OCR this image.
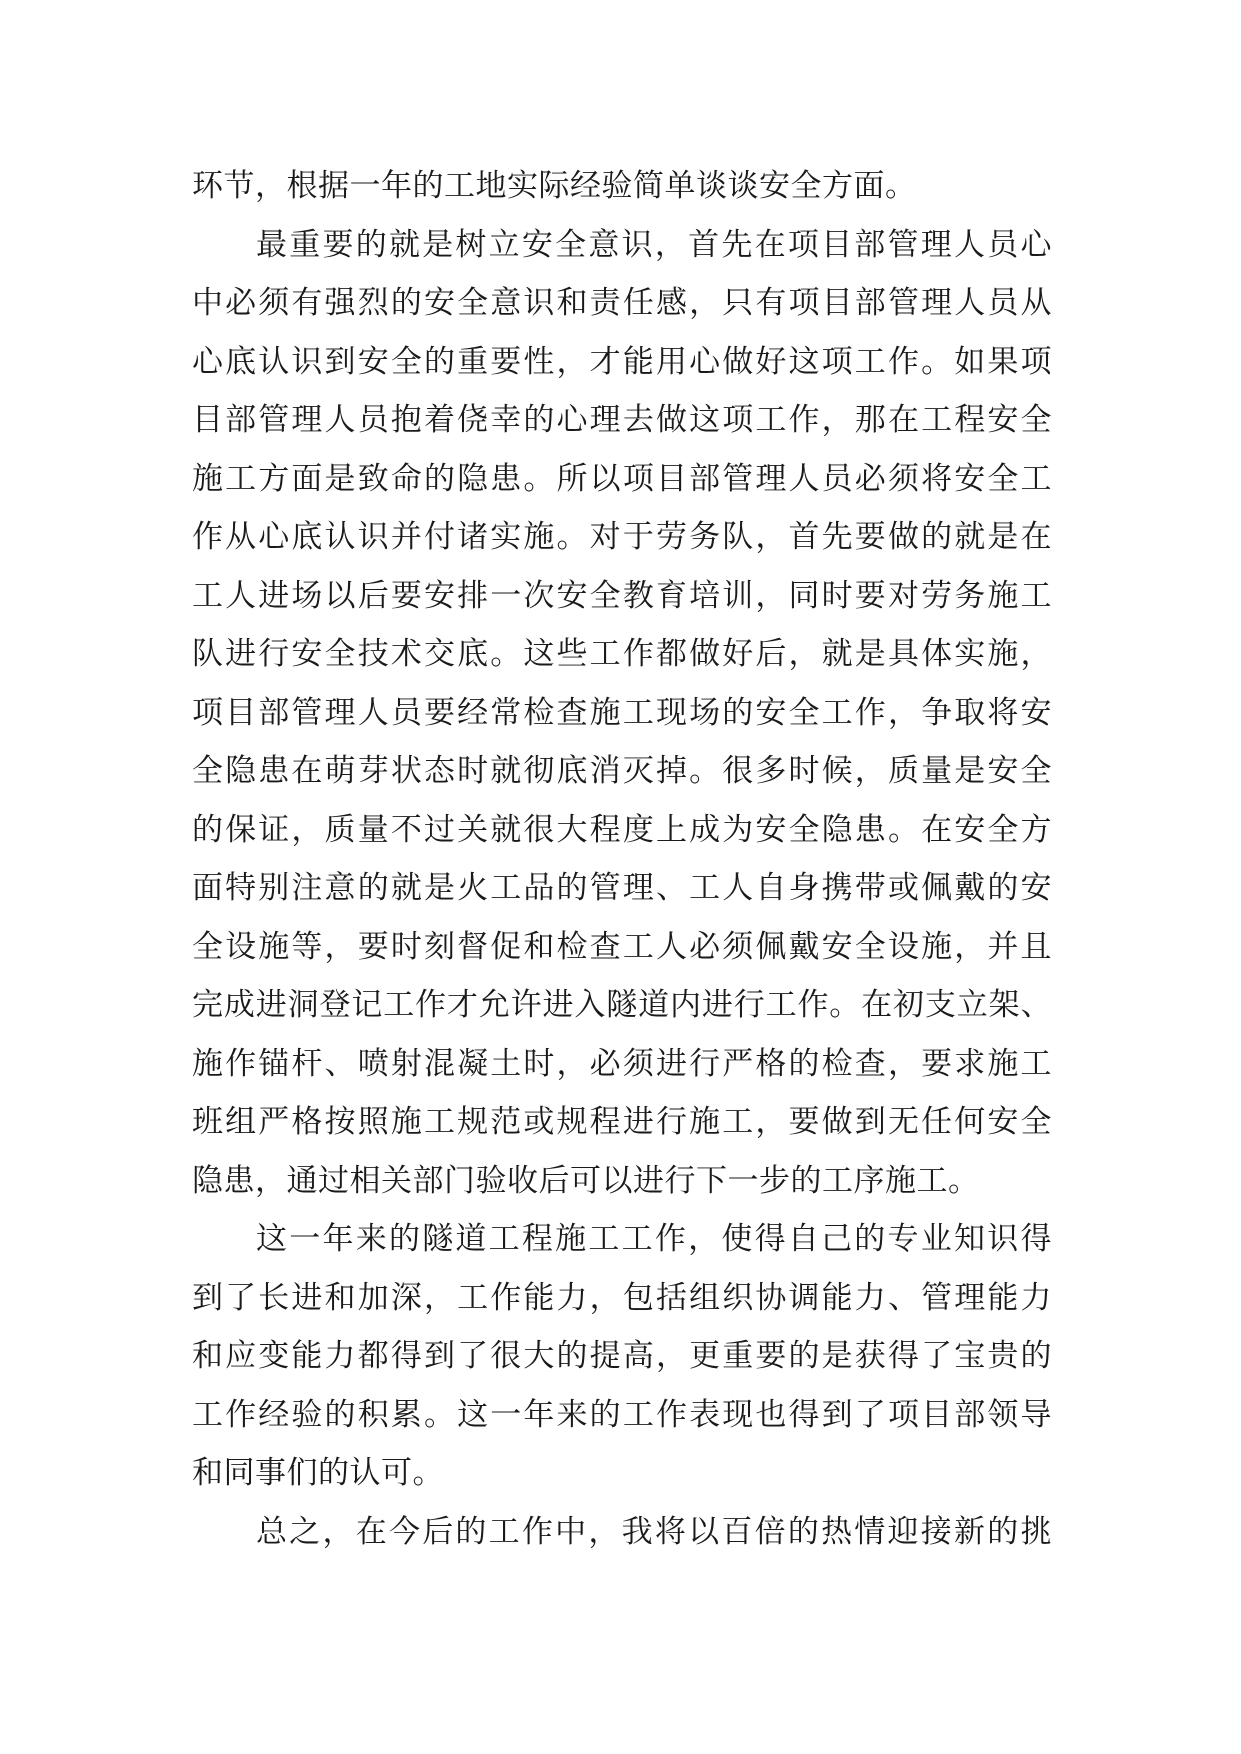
环节，根据一年的工地实际经验简单谈谈安全方面。
最重要的就是树立安全意识，首先在项目部管理人员心
中必须有强烈的安全意识和责任感，只有项目部管理人员从
心底认识到安全的重要性，才能用心做好这项工作。如果项
目部管理人员抱着侥幸的心理去做这项工作，那在工程安全
施工方面是致命的隐患。所以项目部管理人员必须将安全工
作从心底认识并付诸实施。对于劳务队，首先要做的就是在
工人进场以后要安排一次安全教育培训，同时要对劳务施工
队进行安全技术交底。这些工作都做好后，就是具体实施，
项目部管理人员要经常检查施工现场的安全工作，争取将安
全隐患在萌芽状态时就彻底消灭掉。很多时候，质量是安全
的保证，质量不过关就很大程度上成为安全隐患。在安全方
面特别注意的就是火工品的管理、工人自身携带或佩戴的安
全设施等，要时刻督促和检查工人必须佩戴安全设施，并且
完成进洞登记工作才允许进入隧道内进行工作。在初支立架、
施作锚杆、喷射混凝土时，必须进行严格的检查，要求施工
班组严格按照施工规范或规程进行施工，要做到无任何安全
隐患，通过相关部门验收后可以进行下一步的工序施工。
这一年来的隧道工程施工工作，使得自己的专业知识得
到了长进和加深，工作能力，包括组织协调能力、管理能力
和应变能力都得到了很大的提高，更重要的是获得了宝贵的
工作经验的积累。这一年来的工作表现也得到了项目部领导
和同事们的认可。
总之，在今后的工作中，我将以百倍的热情迎接新的挑
